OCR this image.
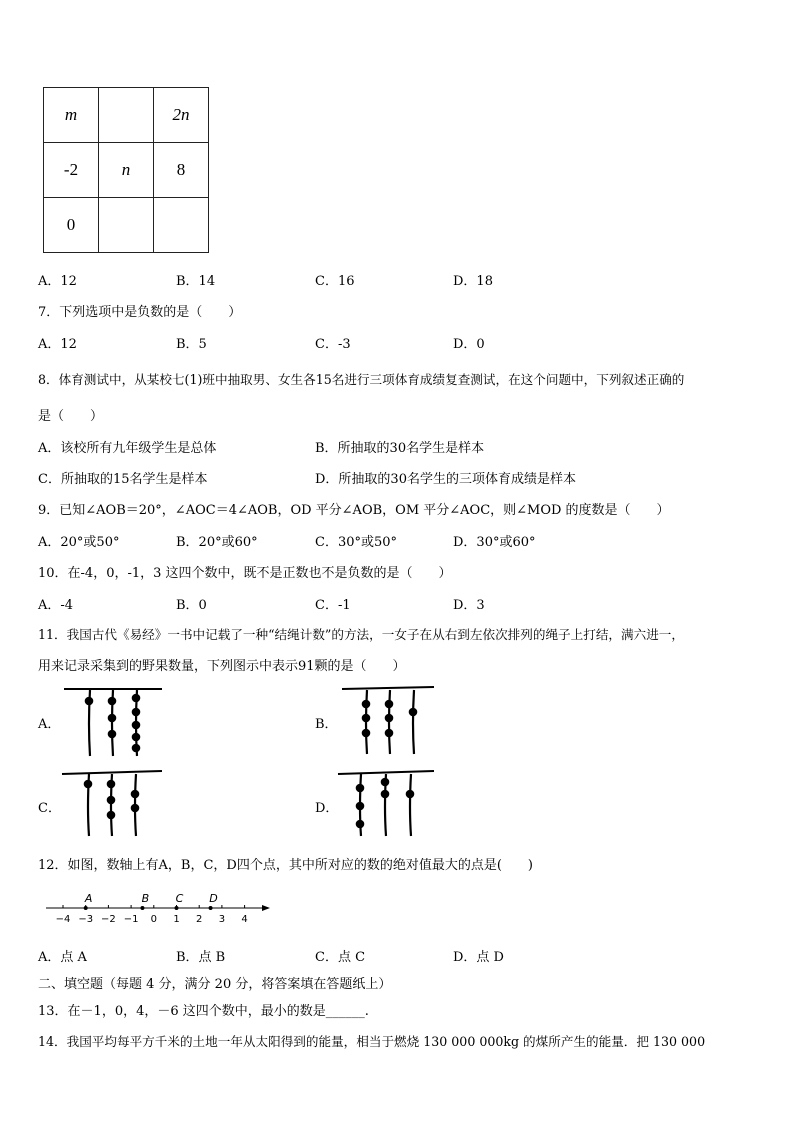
m		2n
-2	n	8
0		
A．12	B．14	C．16	D．18
7．下列选项中是负数的是（　　）
A．12	B．5	C．-3	D．0
8．体育测试中，从某校七(1)班中抽取男、女生各15名进行三项体育成绩复查测试，在这个问题中，下列叙述正确的
是（　　）
A．该校所有九年级学生是总体	B．所抽取的30名学生是样本
C．所抽取的15名学生是样本	D．所抽取的30名学生的三项体育成绩是样本
9．已知∠AOB＝20°，∠AOC＝4∠AOB，OD 平分∠AOB，OM 平分∠AOC，则∠MOD 的度数是（　　）
A．20°或50°	B．20°或60°	C．30°或50°	D．30°或60°
10．在-4，0，-1，3 这四个数中，既不是正数也不是负数的是（　　）
A．-4	B．0	C．-1	D．3
11．我国古代《易经》一书中记载了一种“结绳计数”的方法，一女子在从右到左依次排列的绳子上打结，满六进一，
用来记录采集到的野果数量，下列图示中表示91颗的是（　　）
A．	B．
C．	D．
12．如图，数轴上有A，B，C，D四个点，其中所对应的数的绝对值最大的点是(　　)
−4 −3 −2 −1 0 1 2 3 4
A	B C D
A．点 A	B．点 B	C．点 C	D．点 D
二、填空题（每题 4 分，满分 20 分，将答案填在答题纸上）
13．在－1，0，4，－6 这四个数中，最小的数是______.
14．我国平均每平方千米的土地一年从太阳得到的能量，相当于燃烧 130 000 000kg 的煤所产生的能量．把 130 000
